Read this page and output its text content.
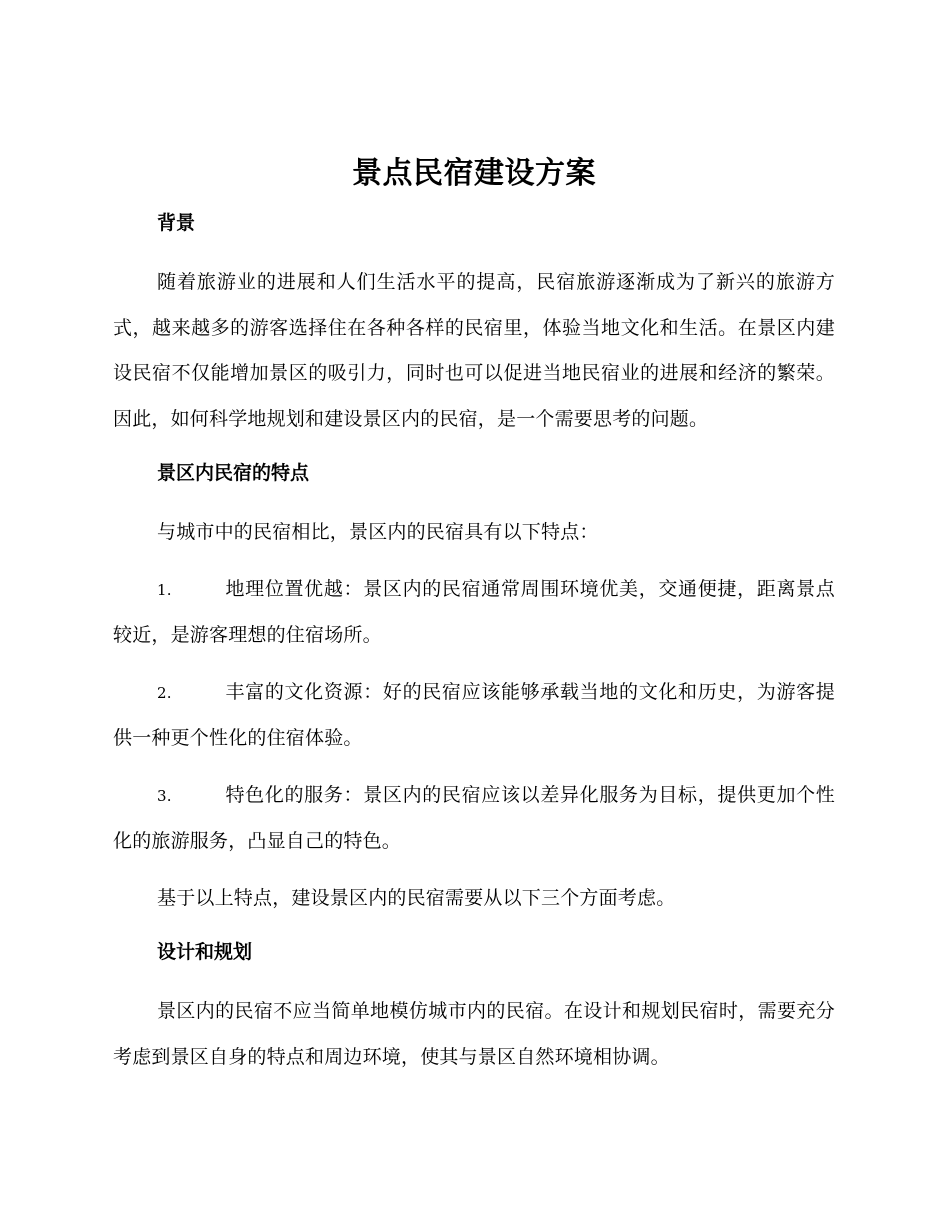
景点民宿建设方案
背景

随着旅游业的进展和人们生活水平的提高，民宿旅游逐渐成为了新兴的旅游方式，越来越多的游客选择住在各种各样的民宿里，体验当地文化和生活。在景区内建设民宿不仅能增加景区的吸引力，同时也可以促进当地民宿业的进展和经济的繁荣。因此，如何科学地规划和建设景区内的民宿，是一个需要思考的问题。

景区内民宿的特点

与城市中的民宿相比，景区内的民宿具有以下特点：

1.	地理位置优越：景区内的民宿通常周围环境优美，交通便捷，距离景点较近，是游客理想的住宿场所。

2.	丰富的文化资源：好的民宿应该能够承载当地的文化和历史，为游客提供一种更个性化的住宿体验。

3.	特色化的服务：景区内的民宿应该以差异化服务为目标，提供更加个性化的旅游服务，凸显自己的特色。

基于以上特点，建设景区内的民宿需要从以下三个方面考虑。

设计和规划

景区内的民宿不应当简单地模仿城市内的民宿。在设计和规划民宿时，需要充分考虑到景区自身的特点和周边环境，使其与景区自然环境相协调。
